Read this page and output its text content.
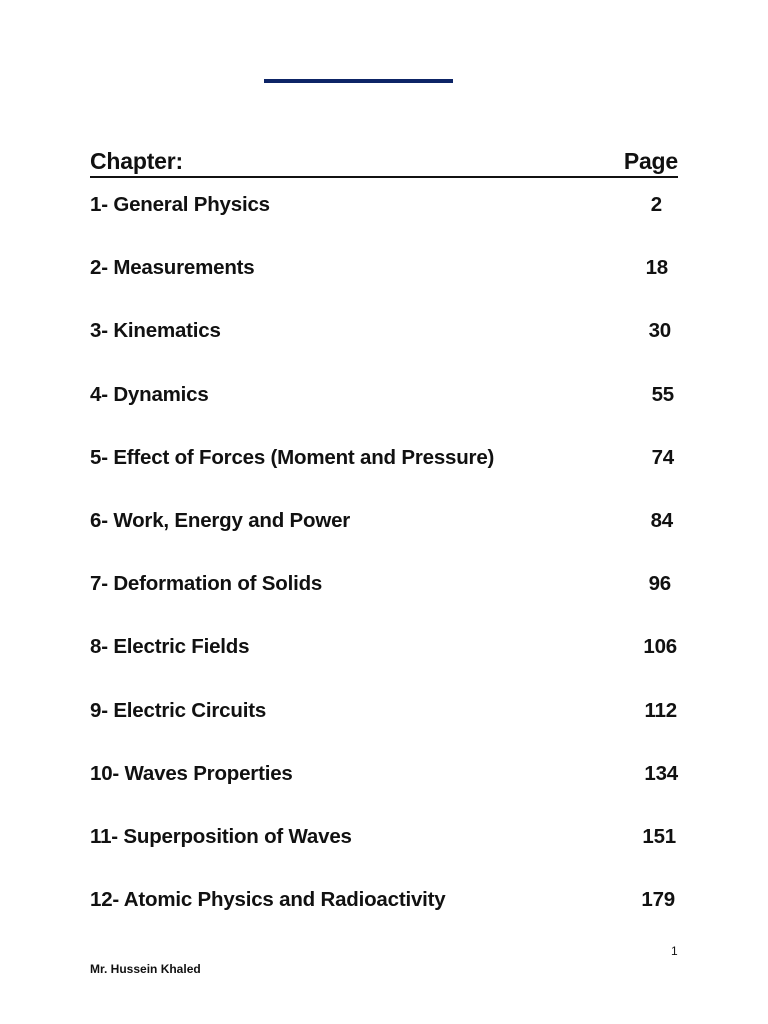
Chapter:	Page
1- General Physics	2
2- Measurements	18
3- Kinematics	30
4- Dynamics	55
5- Effect of Forces (Moment and Pressure)	74
6- Work, Energy and Power	84
7- Deformation of Solids	96
8- Electric Fields	106
9- Electric Circuits	112
10- Waves Properties	134
11- Superposition of Waves	151
12- Atomic Physics and Radioactivity	179
1
Mr. Hussein Khaled
